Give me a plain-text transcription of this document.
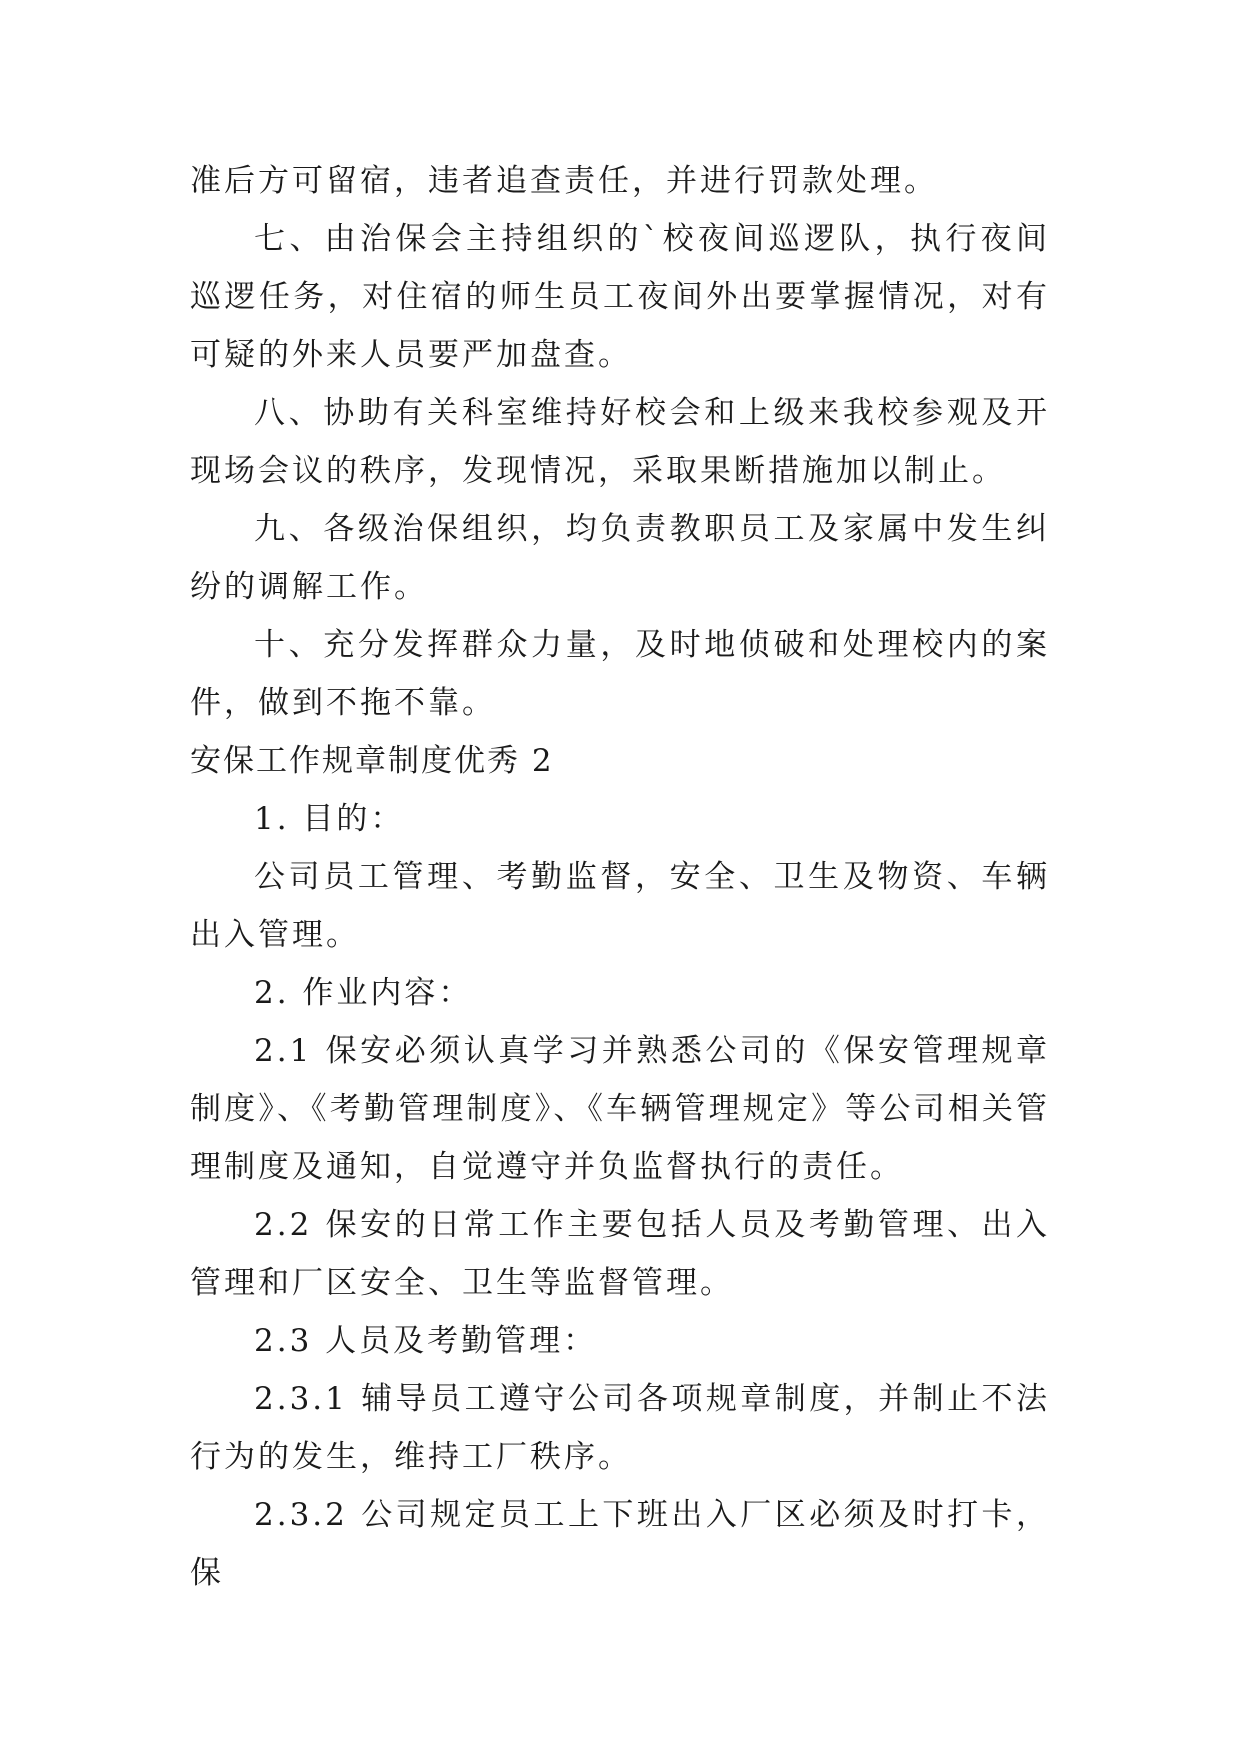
准后方可留宿，违者追查责任，并进行罚款处理。

七、由治保会主持组织的`校夜间巡逻队，执行夜间巡逻任务，对住宿的师生员工夜间外出要掌握情况，对有可疑的外来人员要严加盘查。

八、协助有关科室维持好校会和上级来我校参观及开现场会议的秩序，发现情况，采取果断措施加以制止。

九、各级治保组织，均负责教职员工及家属中发生纠纷的调解工作。

十、充分发挥群众力量，及时地侦破和处理校内的案件，做到不拖不靠。

安保工作规章制度优秀 2

1. 目的：

公司员工管理、考勤监督，安全、卫生及物资、车辆出入管理。

2. 作业内容：

2.1 保安必须认真学习并熟悉公司的《保安管理规章制度》、《考勤管理制度》、《车辆管理规定》等公司相关管理制度及通知，自觉遵守并负监督执行的责任。

2.2 保安的日常工作主要包括人员及考勤管理、出入管理和厂区安全、卫生等监督管理。

2.3 人员及考勤管理：

2.3.1 辅导员工遵守公司各项规章制度，并制止不法行为的发生，维持工厂秩序。

2.3.2 公司规定员工上下班出入厂区必须及时打卡，保
